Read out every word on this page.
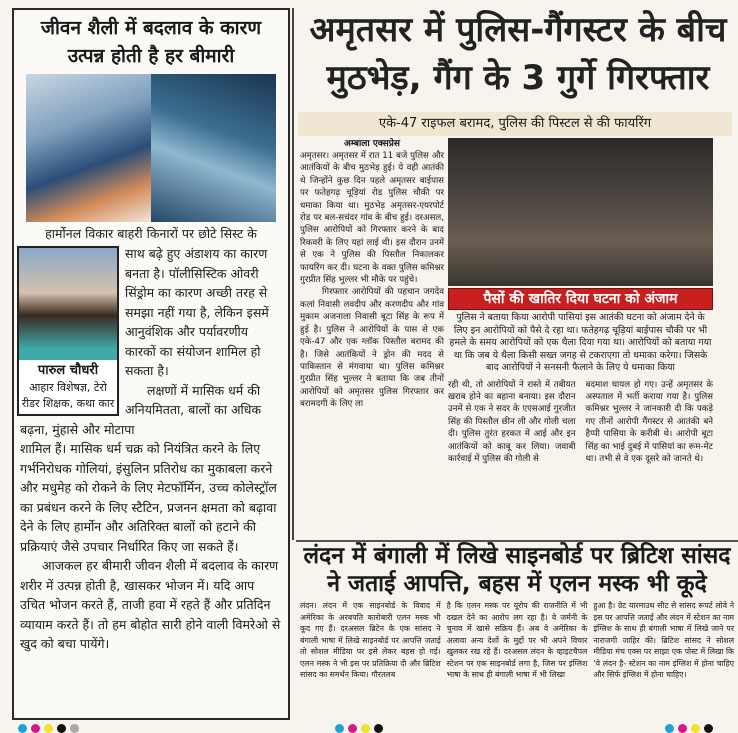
जीवन शैली में बदलाव के कारण उत्पन्न होती है हर बीमारी
हार्मोनल विकार बाहरी किनारों पर छोटे सिस्ट के
पारुल चौधरी
आहार विशेषज्ञ, टेरो रीडर शिक्षक, कथा कार

साथ बढ़े हुए अंडाशय का कारण बनता है। पॉलीसिस्टिक ओवरी सिंड्रोम का कारण अच्छी तरह से समझा नहीं गया है, लेकिन इसमें आनुवंशिक और पर्यावरणीय कारकों का संयोजन शामिल हो सकता है।

लक्षणों में मासिक धर्म की अनियमितता, बालों का अधिक बढ़ना, मुंहासे और मोटापा

शामिल हैं। मासिक धर्म चक्र को नियंत्रित करने के लिए गर्भनिरोधक गोलियां, इंसुलिन प्रतिरोध का मुकाबला करने और मधुमेह को रोकने के लिए मेटफॉर्मिन, उच्च कोलेस्ट्रॉल का प्रबंधन करने के लिए स्टैटिन, प्रजनन क्षमता को बढ़ावा देने के लिए हार्मोन और अतिरिक्त बालों को हटाने की प्रक्रियाएं जैसे उपचार निर्धारित किए जा सकते हैं।

आजकल हर बीमारी जीवन शैली में बदलाव के कारण शरीर में उत्पन्न होती है, खासकर भोजन में। यदि आप उचित भोजन करते हैं, ताजी हवा में रहते हैं और प्रतिदिन व्यायाम करते हैं। तो हम बोहोत सारी होने वाली विमरेओ से खुद को बचा पायेंगे।

अमृतसर में पुलिस-गैंगस्टर के बीच मुठभेड़, गैंग के 3 गुर्गे गिरफ्तार
एके-47 राइफल बरामद, पुलिस की पिस्टल से की फायरिंग
अम्बाला एक्सप्रेस

अमृतसर। अमृतसर में रात 11 बजे पुलिस और आतंकियों के बीच मुठभेड़ हुई। ये वही आतंकी थे जिन्होंने कुछ दिन पहले अमृतसर बाईपास पर फतेहगढ़ चूड़ियां रोड पुलिस चौकी पर धमाका किया था। मुठभेड़ अमृतसर-एयरपोर्ट रोड पर बल-सचंदर गांव के बीच हुई। दरअसल, पुलिस आरोपियों को गिरफ्तार करने के बाद रिकवरी के लिए यहां लाई थी। इस दौरान उनमें से एक ने पुलिस की पिस्तौल निकालकर फायरिंग कर दी। घटना के वक्त पुलिस कमिश्नर गुरप्रीत सिंह भुल्लर भी मौके पर पहुंचे।

गिरफ्तार आरोपियों की पहचान जगदेव कलां निवासी लवदीप और करणदीप और गांव मुकाम अजनाला निवासी बूटा सिंह के रूप में हुई है। पुलिस ने आरोपियों के पास से एक एके-47 और एक ग्लॉक पिस्तौल बरामद की है। जिसे आतंकियों ने ड्रोन की मदद से पाकिस्तान से मंगवाया था। पुलिस कमिश्नर गुरप्रीत सिंह भुल्लर ने बताया कि जब तीनों आरोपियों को अमृतसर पुलिस गिरफ्तार कर बरामदगी के लिए ला

पैसों की खातिर दिया घटना को अंजाम
पुलिस ने बताया किया आरोपी पासियां इस आतंकी घटना को अंजाम देने के लिए इन आरोपियों को पैसे दे रहा था। फतेहगढ़ चूड़ियां बाईपास चौकी पर भी हमले के समय आरोपियों को एक थैला दिया गया था। आरोपियों को बताया गया था कि जब ये थैला किसी सख्त जगह से टकराएगा तो धमाका करेगा। जिसके बाद आरोपियों ने सनसनी फैलाने के लिए ये धमाका किया
रही थी, तो आरोपियों ने रास्ते में तबीयत खराब होने का बहाना बनाया। इस दौरान उनमें से एक ने सदर के एएसआई गुरजीत सिंह की पिस्तौल छीन ली और गोली चला दी। पुलिस तुरंत हरकत में आई और इन आतंकियों को काबू कर लिया। जवाबी कार्रवाई में पुलिस की गोली से
बदमाश घायल हो गए। उन्हें अमृतसर के अस्पताल में भर्ती कराया गया है। पुलिस कमिश्नर भुल्लर ने जानकारी दी कि पकड़े गए तीनों आरोपी गैंगस्टर से आतंकी बने हैप्पी पासिया के करीबी थे। आरोपी बूटा सिंह का भाई दुबई में पासियां का रूम-मेट था। तभी से वे एक दूसरे को जानते थे।
लंदन में बंगाली में लिखे साइनबोर्ड पर ब्रिटिश सांसद ने जताई आपत्ति, बहस में एलन मस्क भी कूदे
लंदन। लंदन में एक साइनबोर्ड के विवाद में अमेरिका के अरबपति कारोबारी एलन मस्क भी कूद गए हैं। दरअसल ब्रिटेन के एक सांसद ने बंगाली भाषा में लिखे साइनबोर्ड पर आपत्ति जताई तो सोशल मीडिया पर इसे लेकर बहस हो गई। एलन मस्क ने भी इस पर प्रतिक्रिया दी और ब्रिटिश सांसद का समर्थन किया। गौरतलब
है कि एलन मस्क पर यूरोप की राजनीति में भी दखल देने का आरोप लग रहा है। वे जर्मनी के चुनाव में खासे सक्रिय हैं। अब वे अमेरिका के अलावा अन्य देशों के मुद्दों पर भी अपने विचार खुलकर रख रहे हैं। दरअसल लंदन के व्हाइटचैपल स्टेशन पर एक साइनबोर्ड लगा है, जिस पर इंग्लिश भाषा के साथ ही बंगाली भाषा में भी लिखा
हुआ है। ग्रेट यारमाउथ सीट से सांसद रूपर्ट लोवे ने इस पर आपत्ति जताई और लंदन में स्टेशन का नाम इंग्लिश के साथ ही बंगाली भाषा में लिखे जाने पर नाराजगी जाहिर की। ब्रिटिश सांसद ने सोशल मीडिया मंच एक्स पर साझा एक पोस्ट में लिखा कि 'ये लंदन है- स्टेशन का नाम इंग्लिश में होना चाहिए और सिर्फ इंग्लिश में होना चाहिए।
